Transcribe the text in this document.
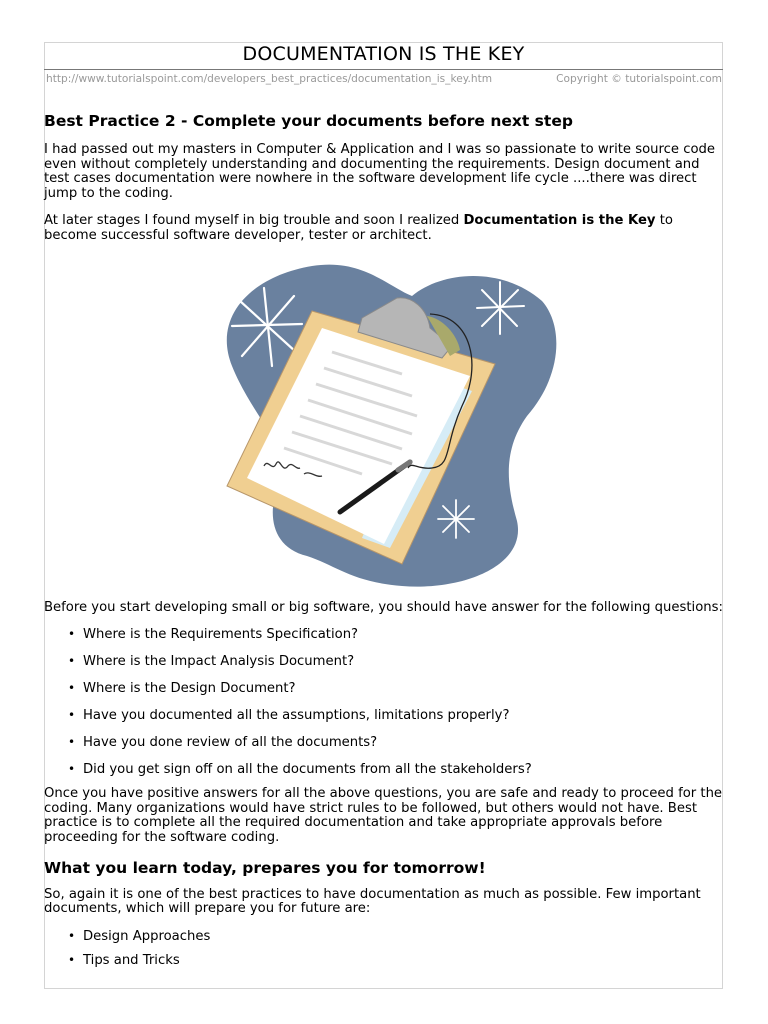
DOCUMENTATION IS THE KEY
http://www.tutorialspoint.com/developers_best_practices/documentation_is_key.htm	Copyright © tutorialspoint.com
Best Practice 2 - Complete your documents before next step

I had passed out my masters in Computer & Application and I was so passionate to write source code even without completely understanding and documenting the requirements. Design document and test cases documentation were nowhere in the software development life cycle ....there was direct jump to the coding.

At later stages I found myself in big trouble and soon I realized Documentation is the Key to become successful software developer, tester or architect.

Before you start developing small or big software, you should have answer for the following questions:

• Where is the Requirements Specification?
• Where is the Impact Analysis Document?
• Where is the Design Document?
• Have you documented all the assumptions, limitations properly?
• Have you done review of all the documents?
• Did you get sign off on all the documents from all the stakeholders?

Once you have positive answers for all the above questions, you are safe and ready to proceed for the coding. Many organizations would have strict rules to be followed, but others would not have. Best practice is to complete all the required documentation and take appropriate approvals before proceeding for the software coding.

What you learn today, prepares you for tomorrow!

So, again it is one of the best practices to have documentation as much as possible. Few important documents, which will prepare you for future are:

• Design Approaches
• Tips and Tricks
